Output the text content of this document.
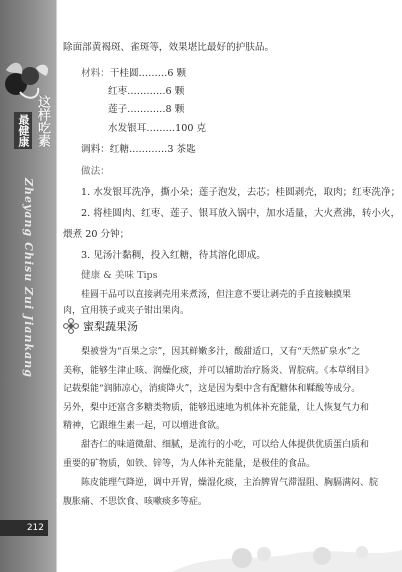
这样吃素
最健康
Zheyang Chisu Zui Jiankang
212
除面部黄褐斑、雀斑等，效果堪比最好的护肤品。
材料：干桂圆………6 颗
红枣…………6 颗
莲子…………8 颗
水发银耳………100 克
调料：红糖…………3 茶匙
做法：
1. 水发银耳洗净，撕小朵；莲子泡发，去芯；桂圆剥壳，取肉；红枣洗净；
2. 将桂圆肉、红枣、莲子、银耳放入锅中，加水适量，大火煮沸，转小火，
煨煮 20 分钟；
3. 见汤汁黏稠，投入红糖，待其溶化即成。
健康 & 美味 Tips
桂圆干品可以直接剥壳用来煮汤，但注意不要让剥壳的手直接触摸果
肉，宜用筷子或夹子钳出果肉。
蜜梨蔬果汤
梨被誉为“百果之宗”，因其鲜嫩多汁，酸甜适口，又有“天然矿泉水”之
美称，能够生津止咳、润燥化痰，并可以辅助治疗肠炎、胃脘病。《本草纲目》
记载梨能“润肺凉心，消痰降火”，这是因为梨中含有配糖体和鞣酸等成分。
另外，梨中还富含多糖类物质，能够迅速地为机体补充能量，让人恢复气力和
精神，它跟维生素一起，可以增进食欲。
甜杏仁的味道微甜、细腻，是流行的小吃，可以给人体提供优质蛋白质和
重要的矿物质，如铁、锌等，为人体补充能量，是极佳的食品。
陈皮能理气降逆，调中开胃，燥湿化痰，主治脾胃气滞湿阻、胸膈满闷、脘
腹胀痛、不思饮食、咳嗽痰多等症。
